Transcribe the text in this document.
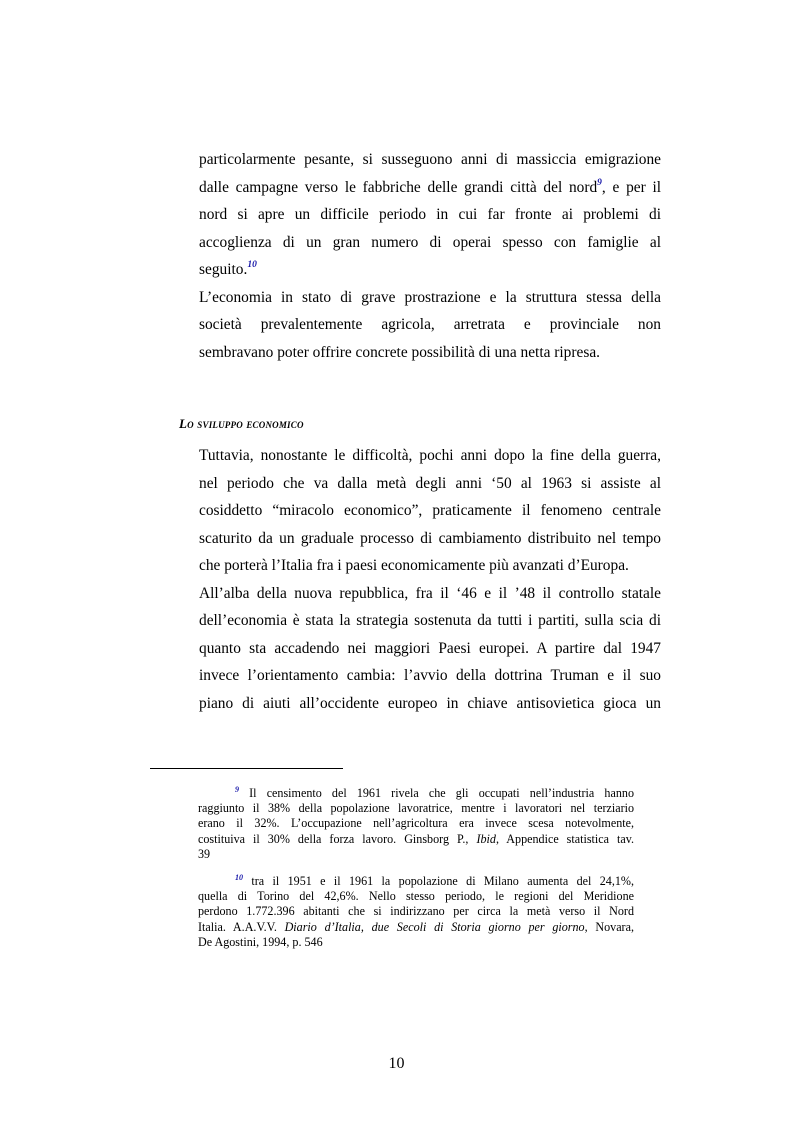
particolarmente pesante, si susseguono anni di massiccia emigrazione
dalle campagne verso le fabbriche delle grandi città del nord$^9$, e per il
nord si apre un difficile periodo in cui far fronte ai problemi di
accoglienza di un gran numero di operai spesso con famiglie al
seguito.$^{10}$
L’economia in stato di grave prostrazione e la struttura stessa della
società prevalentemente agricola, arretrata e provinciale non
sembravano poter offrire concrete possibilità di una netta ripresa.
Lo sviluppo economico
Tuttavia, nonostante le difficoltà, pochi anni dopo la fine della guerra,
nel periodo che va dalla metà degli anni ‘50 al 1963 si assiste al
cosiddetto “miracolo economico”, praticamente il fenomeno centrale
scaturito da un graduale processo di cambiamento distribuito nel tempo
che porterà l’Italia fra i paesi economicamente più avanzati d’Europa.
All’alba della nuova repubblica, fra il ‘46 e il ’48 il controllo statale
dell’economia è stata la strategia sostenuta da tutti i partiti, sulla scia di
quanto sta accadendo nei maggiori Paesi europei. A partire dal 1947
invece l’orientamento cambia: l’avvio della dottrina Truman e il suo
piano di aiuti all’occidente europeo in chiave antisovietica gioca un
$^9$ Il censimento del 1961 rivela che gli occupati nell’industria hanno
raggiunto il 38% della popolazione lavoratrice, mentre i lavoratori nel terziario
erano il 32%. L’occupazione nell’agricoltura era invece scesa notevolmente,
costituiva il 30% della forza lavoro. Ginsborg P., Ibid, Appendice statistica tav.
39
$^{10}$ tra il 1951 e il 1961 la popolazione di Milano aumenta del 24,1%,
quella di Torino del 42,6%. Nello stesso periodo, le regioni del Meridione
perdono 1.772.396 abitanti che si indirizzano per circa la metà verso il Nord
Italia. A.A.V.V. Diario d’Italia, due Secoli di Storia giorno per giorno, Novara,
De Agostini, 1994, p. 546
10
